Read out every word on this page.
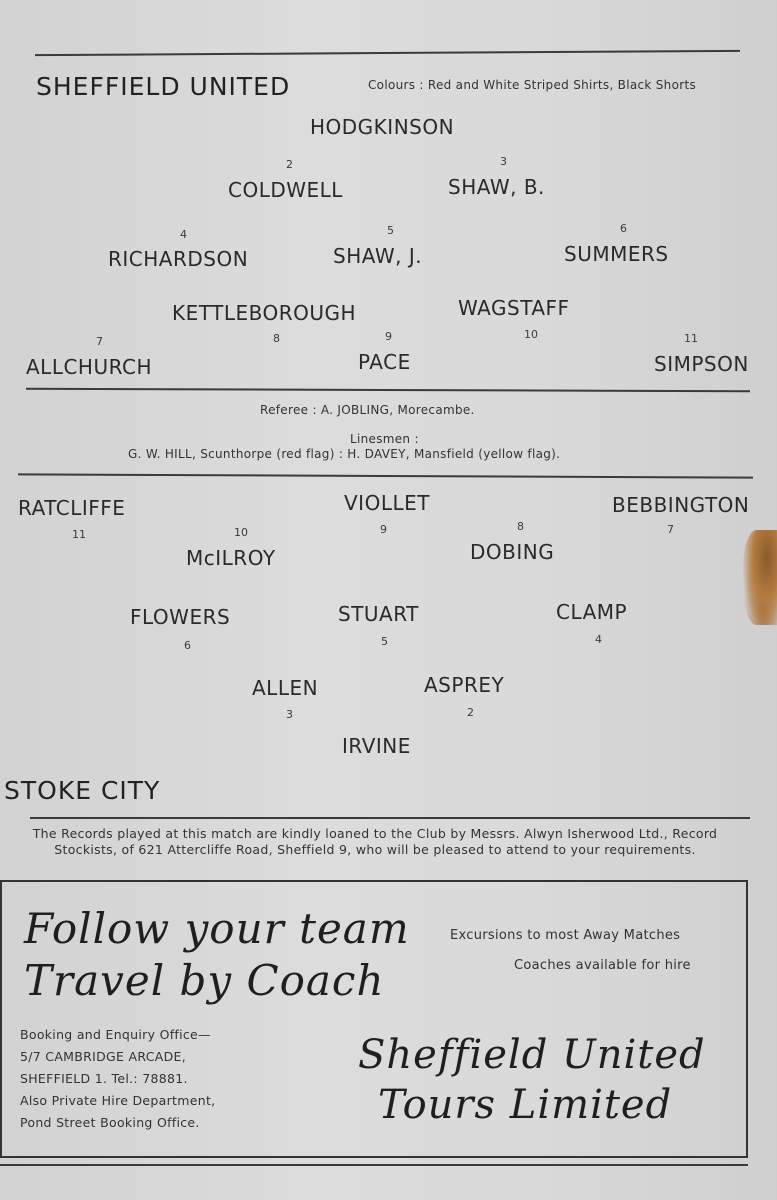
SHEFFIELD UNITED	Colours : Red and White Striped Shirts, Black Shorts
HODGKINSON
2
COLDWELL
3
SHAW, B.
4
RICHARDSON
5
SHAW, J.
6
SUMMERS
KETTLEBOROUGH	WAGSTAFF
7
ALLCHURCH
8	9
PACE
10	11
SIMPSON
Referee : A. JOBLING, Morecambe.
Linesmen :
G. W. HILL, Scunthorpe (red flag) : H. DAVEY, Mansfield (yellow flag).
RATCLIFFE
11
VIOLLET
9
BEBBINGTON
7
10
McILROY
8
DOBING
FLOWERS
6
STUART
5
CLAMP
4
ALLEN
3
ASPREY
2
IRVINE
STOKE CITY
The Records played at this match are kindly loaned to the Club by Messrs. Alwyn Isherwood Ltd., Record Stockists, of 621 Attercliffe Road, Sheffield 9, who will be pleased to attend to your requirements.
Follow your team
Travel by Coach
Excursions to most Away Matches
Coaches available for hire
Booking and Enquiry Office—
5/7 CAMBRIDGE ARCADE,
SHEFFIELD 1. Tel.: 78881.
Also Private Hire Department,
Pond Street Booking Office.
Sheffield United
Tours Limited
